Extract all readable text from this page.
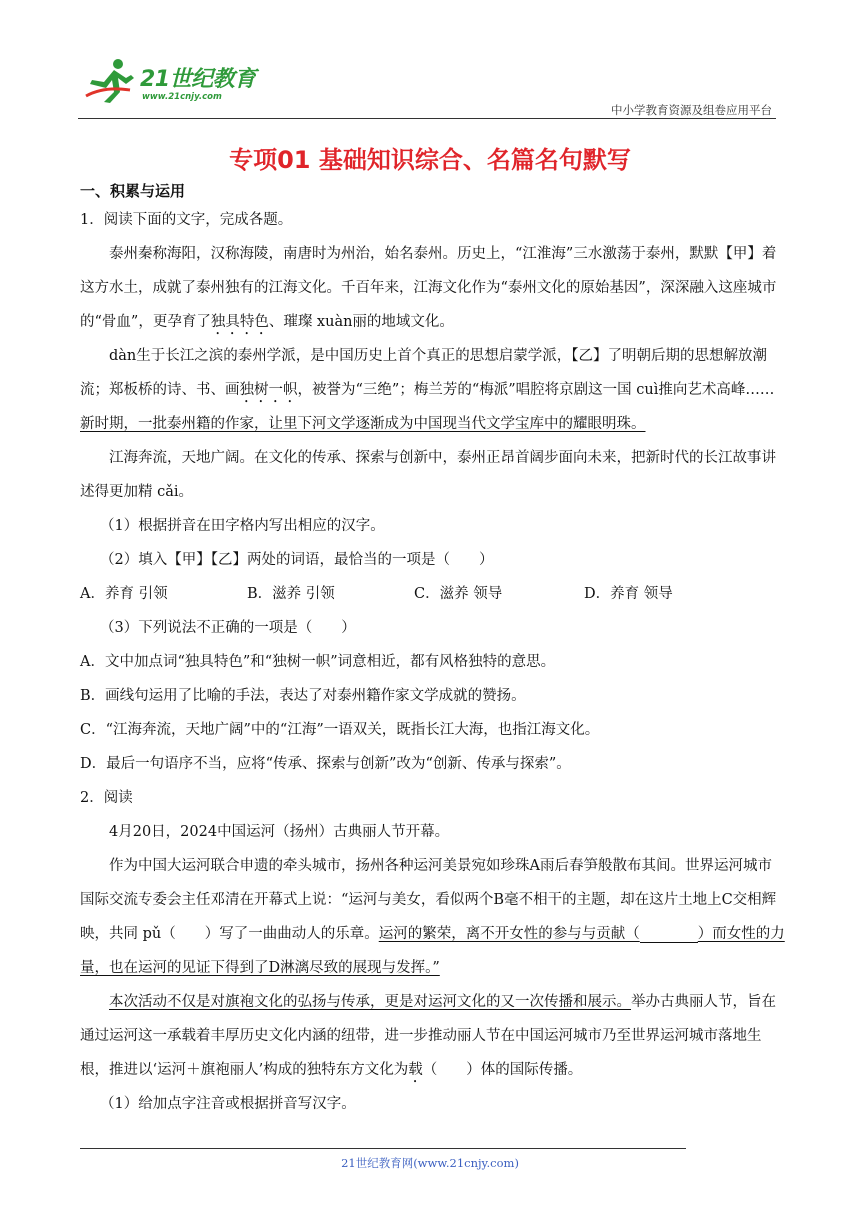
21世纪教育
www.21cnjy.com
中小学教育资源及组卷应用平台
专项01 基础知识综合、名篇名句默写
一、积累与运用

1．阅读下面的文字，完成各题。

泰州秦称海阳，汉称海陵，南唐时为州治，始名泰州。历史上，“江淮海”三水激荡于泰州，默默【甲】着这方水土，成就了泰州独有的江海文化。千百年来，江海文化作为“泰州文化的原始基因”，深深融入这座城市的“骨血”，更孕育了独具特色、璀璨 xuàn丽的地域文化。

dàn生于长江之滨的泰州学派，是中国历史上首个真正的思想启蒙学派，【乙】了明朝后期的思想解放潮流；郑板桥的诗、书、画独树一帜，被誉为“三绝”；梅兰芳的“梅派”唱腔将京剧这一国 cuì推向艺术高峰……新时期，一批泰州籍的作家，让里下河文学逐渐成为中国现当代文学宝库中的耀眼明珠。

江海奔流，天地广阔。在文化的传承、探索与创新中，泰州正昂首阔步面向未来，把新时代的长江故事讲述得更加精 cǎi。

（1）根据拼音在田字格内写出相应的汉字。

（2）填入【甲】【乙】两处的词语，最恰当的一项是（　　）

A．养育 引领	B．滋养 引领	C．滋养 领导	D．养育 领导

（3）下列说法不正确的一项是（　　）

A．文中加点词“独具特色”和“独树一帜”词意相近，都有风格独特的意思。

B．画线句运用了比喻的手法，表达了对泰州籍作家文学成就的赞扬。

C．“江海奔流，天地广阔”中的“江海”一语双关，既指长江大海，也指江海文化。

D．最后一句语序不当，应将“传承、探索与创新”改为“创新、传承与探索”。

2．阅读

4月20日，2024中国运河（扬州）古典丽人节开幕。

作为中国大运河联合申遗的牵头城市，扬州各种运河美景宛如珍珠A雨后春笋般散布其间。世界运河城市国际交流专委会主任邓清在开幕式上说：“运河与美女，看似两个B毫不相干的主题，却在这片土地上C交相辉映，共同 pǔ（　　）写了一曲曲动人的乐章。运河的繁荣，离不开女性的参与与贡献（　　	）而女性的力量，也在运河的见证下得到了D淋漓尽致的展现与发挥。”

本次活动不仅是对旗袍文化的弘扬与传承，更是对运河文化的又一次传播和展示。举办古典丽人节，旨在通过运河这一承载着丰厚历史文化内涵的纽带，进一步推动丽人节在中国运河城市乃至世界运河城市落地生根，推进以‘运河＋旗袍丽人’构成的独特东方文化为载（　　）体的国际传播。

（1）给加点字注音或根据拼音写汉字。

21世纪教育网(www.21cnjy.com)
